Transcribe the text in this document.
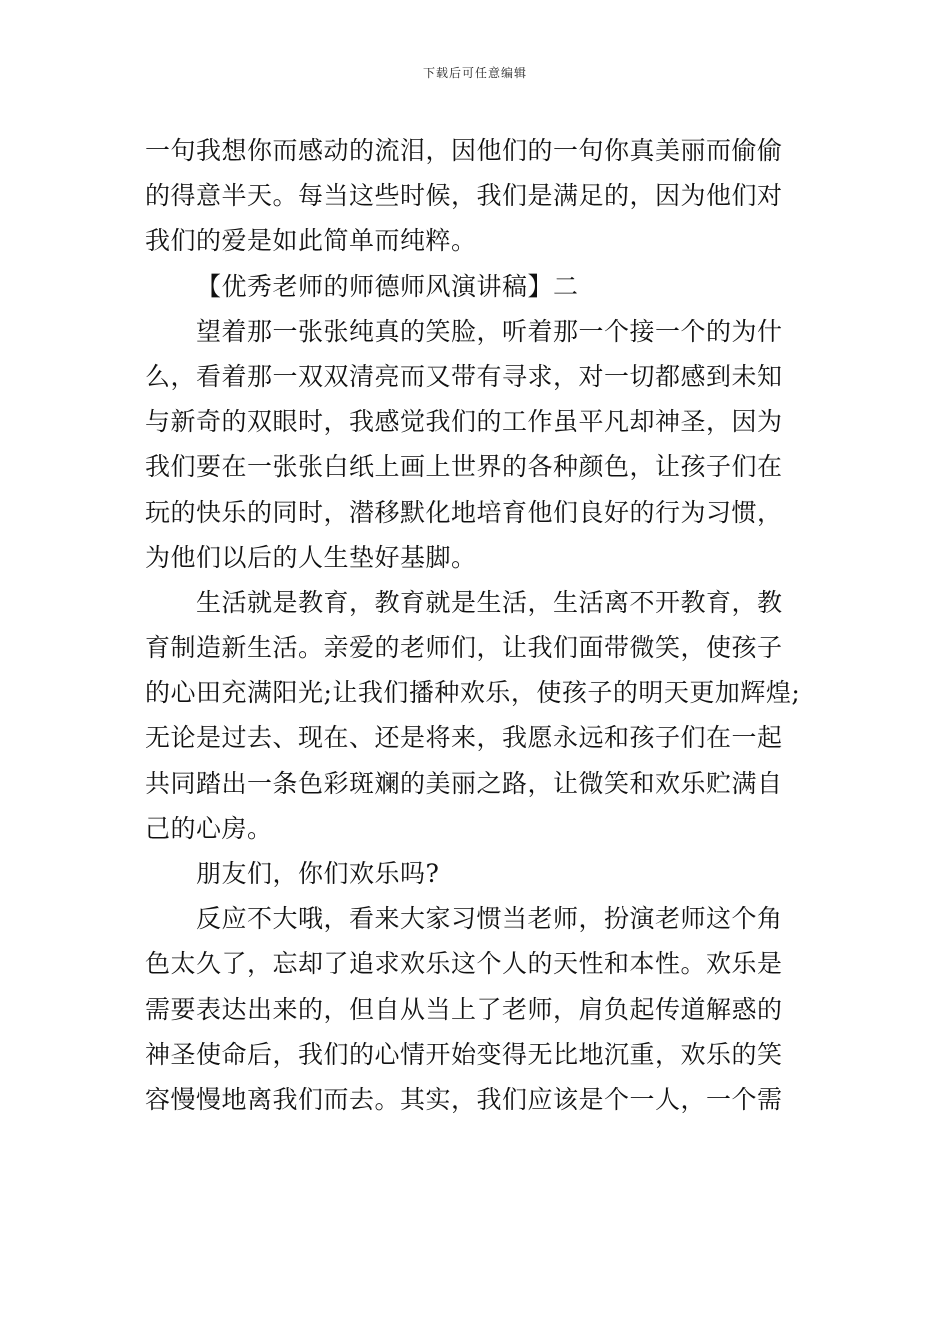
下载后可任意编辑
一句我想你而感动的流泪，因他们的一句你真美丽而偷偷
的得意半天。每当这些时候，我们是满足的，因为他们对
我们的爱是如此简单而纯粹。
【优秀老师的师德师风演讲稿】二
望着那一张张纯真的笑脸，听着那一个接一个的为什
么，看着那一双双清亮而又带有寻求，对一切都感到未知
与新奇的双眼时，我感觉我们的工作虽平凡却神圣，因为
我们要在一张张白纸上画上世界的各种颜色，让孩子们在
玩的快乐的同时，潜移默化地培育他们良好的行为习惯，
为他们以后的人生垫好基脚。
生活就是教育，教育就是生活，生活离不开教育，教
育制造新生活。亲爱的老师们，让我们面带微笑，使孩子
的心田充满阳光;让我们播种欢乐，使孩子的明天更加辉煌;
无论是过去、现在、还是将来，我愿永远和孩子们在一起
共同踏出一条色彩斑斓的美丽之路，让微笑和欢乐贮满自
己的心房。
朋友们，你们欢乐吗?
反应不大哦，看来大家习惯当老师，扮演老师这个角
色太久了，忘却了追求欢乐这个人的天性和本性。欢乐是
需要表达出来的，但自从当上了老师，肩负起传道解惑的
神圣使命后，我们的心情开始变得无比地沉重，欢乐的笑
容慢慢地离我们而去。其实，我们应该是个一人，一个需
